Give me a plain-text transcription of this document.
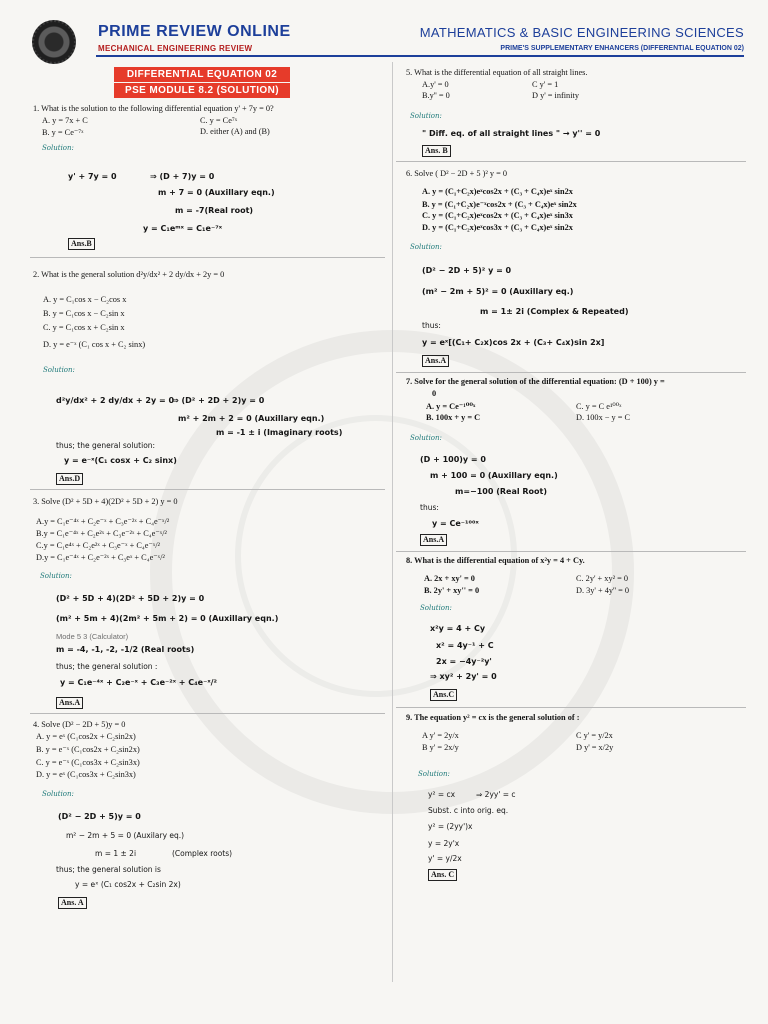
PRIME REVIEW ONLINE
MECHANICAL ENGINEERING REVIEW
MATHEMATICS & BASIC ENGINEERING SCIENCES
PRIME'S SUPPLEMENTARY ENHANCERS (DIFFERENTIAL EQUATION 02)
DIFFERENTIAL EQUATION 02
PSE MODULE 8.2 (SOLUTION)
1. What is the solution to the following differential equation y' + 7y = 0?
A. y = 7x + C	C. y = Ce⁷ˣ
B. y = Ce⁻⁷ˣ	D. either (A) and (B)
Solution:
y' + 7y = 0	⇒ (D + 7)y = 0
m + 7 = 0 (Auxillary eqn.)
m = -7(Real root)
y = C₁eᵐˣ = C₁e⁻⁷ˣ
Ans.B
2. What is the general solution d²y/dx² + 2 dy/dx + 2y = 0
A. y = C₁cos x − C₂cos x
B. y = C₁cos x − C₂sin x
C. y = C₁cos x + C₂sin x
D. y = e⁻ˣ (C₁ cos x + C₂ sinx)
Solution:
d²y/dx² + 2 dy/dx + 2y = 0
⇒ (D² + 2D + 2)y = 0
m² + 2m + 2 = 0 (Auxillary eqn.)
m = -1 ± i (Imaginary roots)
thus; the general solution:
y = e⁻ˣ(C₁ cosx + C₂ sinx)
Ans.D
3. Solve (D² + 5D + 4)(2D² + 5D + 2) y = 0
A.y = C₁e⁻⁴ˣ + C₂e⁻ˣ + C₃e⁻²ˣ + C₄e⁻ˣ/²
B.y = C₁e⁻⁴ˣ + C₂e²ˣ + C₃e⁻²ˣ + C₄e⁻ˣ/²
C.y = C₁e⁴ˣ + C₂e²ˣ + C₃e⁻ˣ + C₄e⁻ˣ/²
D.y = C₁e⁻⁴ˣ + C₂e⁻²ˣ + C₃eˣ + C₄e⁻ˣ/²
Solution:
(D² + 5D + 4)(2D² + 5D + 2)y = 0
(m² + 5m + 4)(2m² + 5m + 2) = 0 (Auxillary eqn.)
Mode 5 3 (Calculator)
m = -4, -1, -2, -1/2 (Real roots)
thus; the general solution :
y = C₁e⁻⁴ˣ + C₂e⁻ˣ + C₃e⁻²ˣ + C₄e⁻ˣ/²
Ans.A
4. Solve (D² − 2D + 5)y = 0
A. y = eˣ (C₁cos2x + C₂sin2x)
B. y = e⁻ˣ (C₁cos2x + C₂sin2x)
C. y = e⁻ˣ (C₁cos3x + C₂sin3x)
D. y = eˣ (C₁cos3x + C₂sin3x)
Solution:
(D² − 2D + 5)y = 0
m² − 2m + 5 = 0 (Auxilary eq.)
m = 1 ± 2i	(Complex roots)
thus; the general solution is
y = eˣ (C₁ cos2x + C₂sin 2x)
Ans. A
5. What is the differential equation of all straight lines.
A.y' = 0	C y' = 1
B.y'' = 0	D y' = infinity
Solution:
" Diff. eq. of all straight lines " → y'' = 0
Ans. B
6. Solve ( D² − 2D + 5 )² y = 0
A. y = (C₁+C₂x)eˣcos2x + (C₃ + C₄x)eˣ sin2x
B. y = (C₁+C₂x)e⁻ˣcos2x + (C₃ + C₄x)eˣ sin2x
C. y = (C₁+C₂x)eˣcos2x + (C₃ + C₄x)eˣ sin3x
D. y = (C₁+C₂x)eˣcos3x + (C₃ + C₄x)eˣ sin2x
Solution:
(D² − 2D + 5)² y = 0
(m² − 2m + 5)² = 0 (Auxillary eq.)
m = 1± 2i (Complex & Repeated)
thus:
y = eˣ[(C₁+ C₂x)cos 2x + (C₃+ C₄x)sin 2x]
Ans.A
7. Solve for the general solution of the differential equation: (D + 100) y =
0
A. y = Ce⁻¹⁰⁰ˣ	C. y = C e¹⁰⁰ˣ
B. 100x + y = C	D. 100x − y = C
Solution:
(D + 100)y = 0
m + 100 = 0 (Auxillary eqn.)
m=−100 (Real Root)
thus:
y = Ce⁻¹⁰⁰ˣ
Ans.A
8. What is the differential equation of x²y = 4 + Cy.
A. 2x + xy' = 0	C. 2y' + xy² = 0
B. 2y' + xy'' = 0	D. 3y' + 4y'' = 0
Solution:
x²y = 4 + Cy
x² = 4y⁻¹ + C
2x = −4y⁻²y'
⇒ xy² + 2y' = 0
Ans.C
9. The equation y² = cx is the general solution of :
A y' = 2y/x	C y' = y/2x
B y' = 2x/y	D y' = x/2y
Solution:
y² = cx	⇒ 2yy' = c
Subst. c into orig. eq.
y² = (2yy')x
y = 2y'x
y' = y/2x
Ans. C
